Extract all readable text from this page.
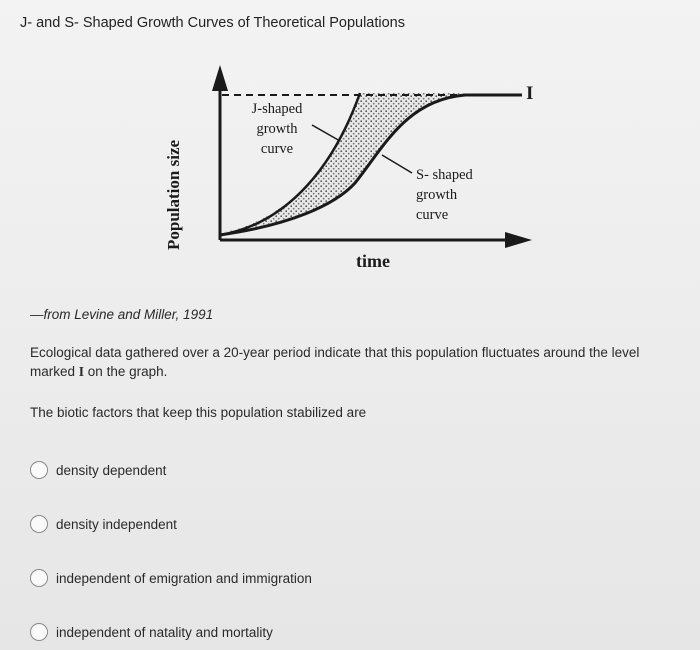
J- and S- Shaped Growth Curves of Theoretical Populations
Population size
time
J-shaped
growth
curve
S- shaped
growth
curve
I
—from Levine and Miller, 1991
Ecological data gathered over a 20-year period indicate that this population fluctuates around the level marked I on the graph.
The biotic factors that keep this population stabilized are
density dependent
density independent
independent of emigration and immigration
independent of natality and mortality
